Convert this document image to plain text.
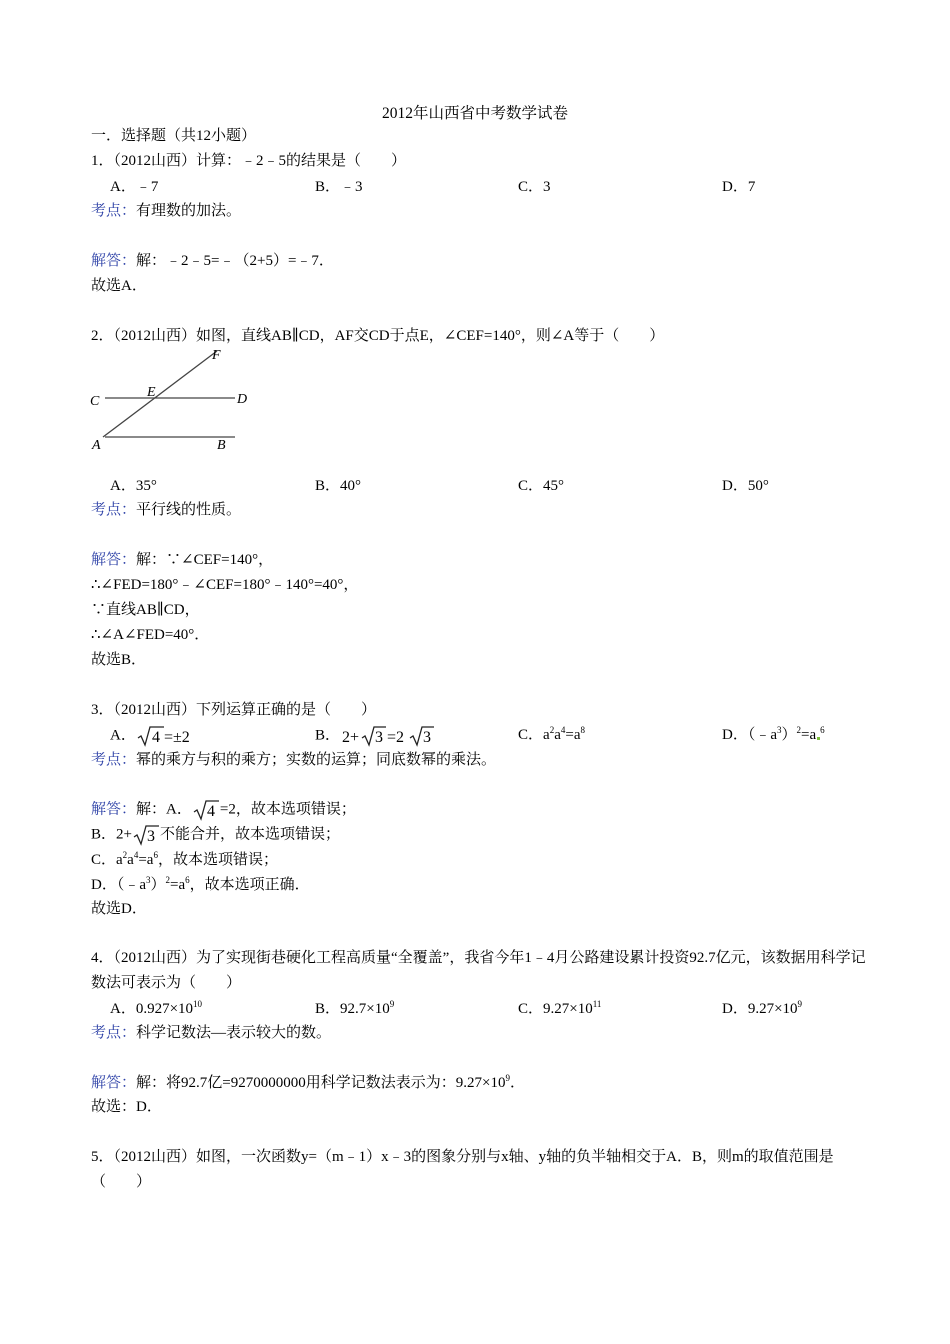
2012年山西省中考数学试卷
一．选择题（共12小题）
1．（2012山西）计算：﹣2﹣5的结果是（　　）
A．﹣7	B．﹣3	C．3	D．7
考点：有理数的加法。
解答：解：﹣2﹣5=﹣（2+5）=﹣7．
故选A．
2．（2012山西）如图，直线AB∥CD，AF交CD于点E，∠CEF=140°，则∠A等于（　　）
F
E
C	D
A	B
A．35°	B．40°	C．45°	D．50°
考点：平行线的性质。
解答：解：∵∠CEF=140°，
∴∠FED=180°﹣∠CEF=180°﹣140°=40°，
∵直线AB∥CD，
∴∠A∠FED=40°．
故选B．
3．（2012山西）下列运算正确的是（　　）
A． 4 =±2	B． 2+ 3 =2 3	C．$a^2a^4=a^8$	D．$(﹣a^3)^2=a$ $^6$
考点：幂的乘方与积的乘方；实数的运算；同底数幂的乘法。
解答：解：A． 4 =2，故本选项错误；
B．2+ 3 不能合并，故本选项错误；
C．$a^2a^4=a^6$，故本选项错误；
D．$(﹣a^3)^2=a^6$，故本选项正确．
故选D．
4．（2012山西）为了实现街巷硬化工程高质量“全覆盖”，我省今年1﹣4月公路建设累计投资92.7亿元，该数据用科学记数法可表示为（　　）
A．$0.927\times 10^{10}$	B．$92.7\times 10^9$	C．$9.27\times 10^{11}$	D．$9.27\times 10^9$
考点：科学记数法—表示较大的数。
解答：解：将92.7亿=9270000000用科学记数法表示为：$9.27\times 10^9$．
故选：D．
5．（2012山西）如图，一次函数y=（m﹣1）x﹣3的图象分别与x轴、y轴的负半轴相交于A．B，则m的取值范围是（　　）
